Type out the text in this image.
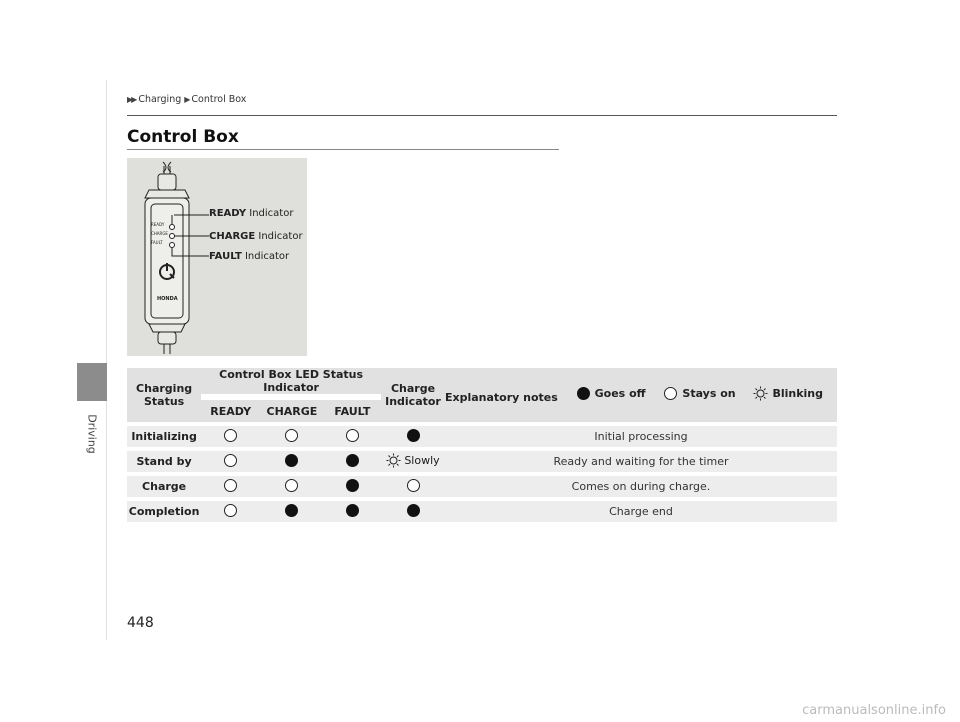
Driving
▶▶ Charging ▶ Control Box
Control Box
READY
CHARGE
FAULT
HONDA
READY Indicator
CHARGE Indicator
FAULT Indicator
Charging Status	Control Box LED Status Indicator			Charge Indicator	Explanatory notes Goes off
Stays on
Blinking

	READY	CHARGE	FAULT		
Initializing					Initial processing
Stand by				Slowly	Ready and waiting for the timer
Charge					Comes on during charge.
Completion					Charge end
448
carmanualsonline.info
